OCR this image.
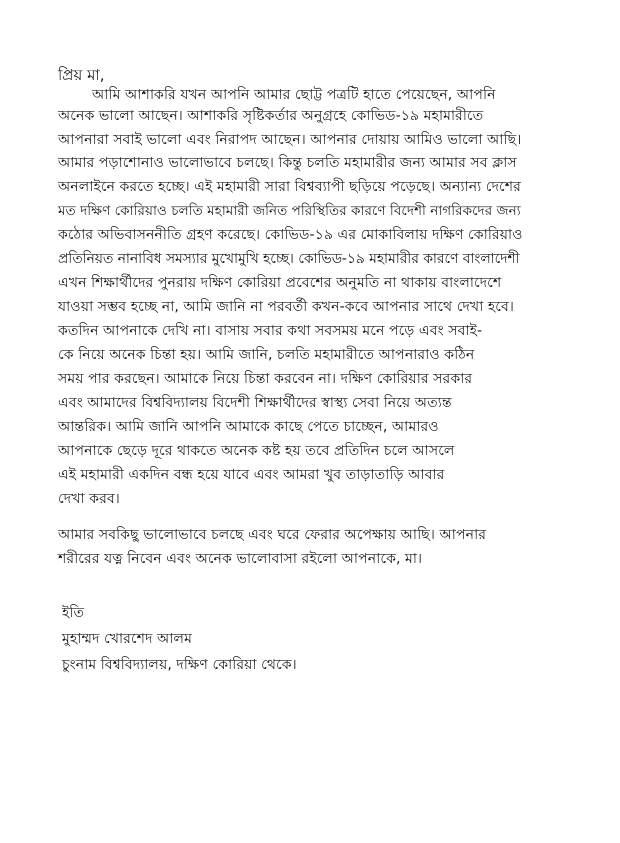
প্রিয় মা,
আমি আশাকরি যখন আপনি আমার ছোট্ট পত্রটি হাতে পেয়েছেন, আপনি
অনেক ভালো আছেন। আশাকরি সৃষ্টিকর্তার অনুগ্রহে কোভিড-১৯ মহামারীতে
আপনারা সবাই ভালো এবং নিরাপদ আছেন। আপনার দোয়ায় আমিও ভালো আছি।
আমার পড়াশোনাও ভালোভাবে চলছে। কিন্তু চলতি মহামারীর জন্য আমার সব ক্লাস
অনলাইনে করতে হচ্ছে। এই মহামারী সারা বিশ্বব্যাপী ছড়িয়ে পড়েছে। অন্যান্য দেশের
মত দক্ষিণ কোরিয়াও চলতি মহামারী জনিত পরিস্থিতির কারণে বিদেশী নাগরিকদের জন্য
কঠোর অভিবাসননীতি গ্রহণ করেছে। কোভিড-১৯ এর মোকাবিলায় দক্ষিণ কোরিয়াও
প্রতিনিয়ত নানাবিধ সমস্যার মুখোমুখি হচ্ছে। কোভিড-১৯ মহামারীর কারণে বাংলাদেশী
এখন শিক্ষার্থীদের পুনরায় দক্ষিণ কোরিয়া প্রবেশের অনুমতি না থাকায় বাংলাদেশে
যাওয়া সম্ভব হচ্ছে না, আমি জানি না পরবর্তী কখন-কবে আপনার সাথে দেখা হবে।
কতদিন আপনাকে দেখি না। বাসায় সবার কথা সবসময় মনে পড়ে এবং সবাই-
কে নিয়ে অনেক চিন্তা হয়। আমি জানি, চলতি মহামারীতে আপনারাও কঠিন
সময় পার করছেন। আমাকে নিয়ে চিন্তা করবেন না। দক্ষিণ কোরিয়ার সরকার
এবং আমাদের বিশ্ববিদ্যালয় বিদেশী শিক্ষার্থীদের স্বাস্থ্য সেবা নিয়ে অত্যন্ত
আন্তরিক। আমি জানি আপনি আমাকে কাছে পেতে চাচ্ছেন, আমারও
আপনাকে ছেড়ে দূরে থাকতে অনেক কষ্ট হয় তবে প্রতিদিন চলে আসলে
এই মহামারী একদিন বন্ধ হয়ে যাবে এবং আমরা খুব তাড়াতাড়ি আবার
দেখা করব।
আমার সবকিছু ভালোভাবে চলছে এবং ঘরে ফেরার অপেক্ষায় আছি। আপনার
শরীরের যত্ন নিবেন এবং অনেক ভালোবাসা রইলো আপনাকে, মা।
ইতি
মুহাম্মদ খোরশেদ আলম
চুংনাম বিশ্ববিদ্যালয়, দক্ষিণ কোরিয়া থেকে।
